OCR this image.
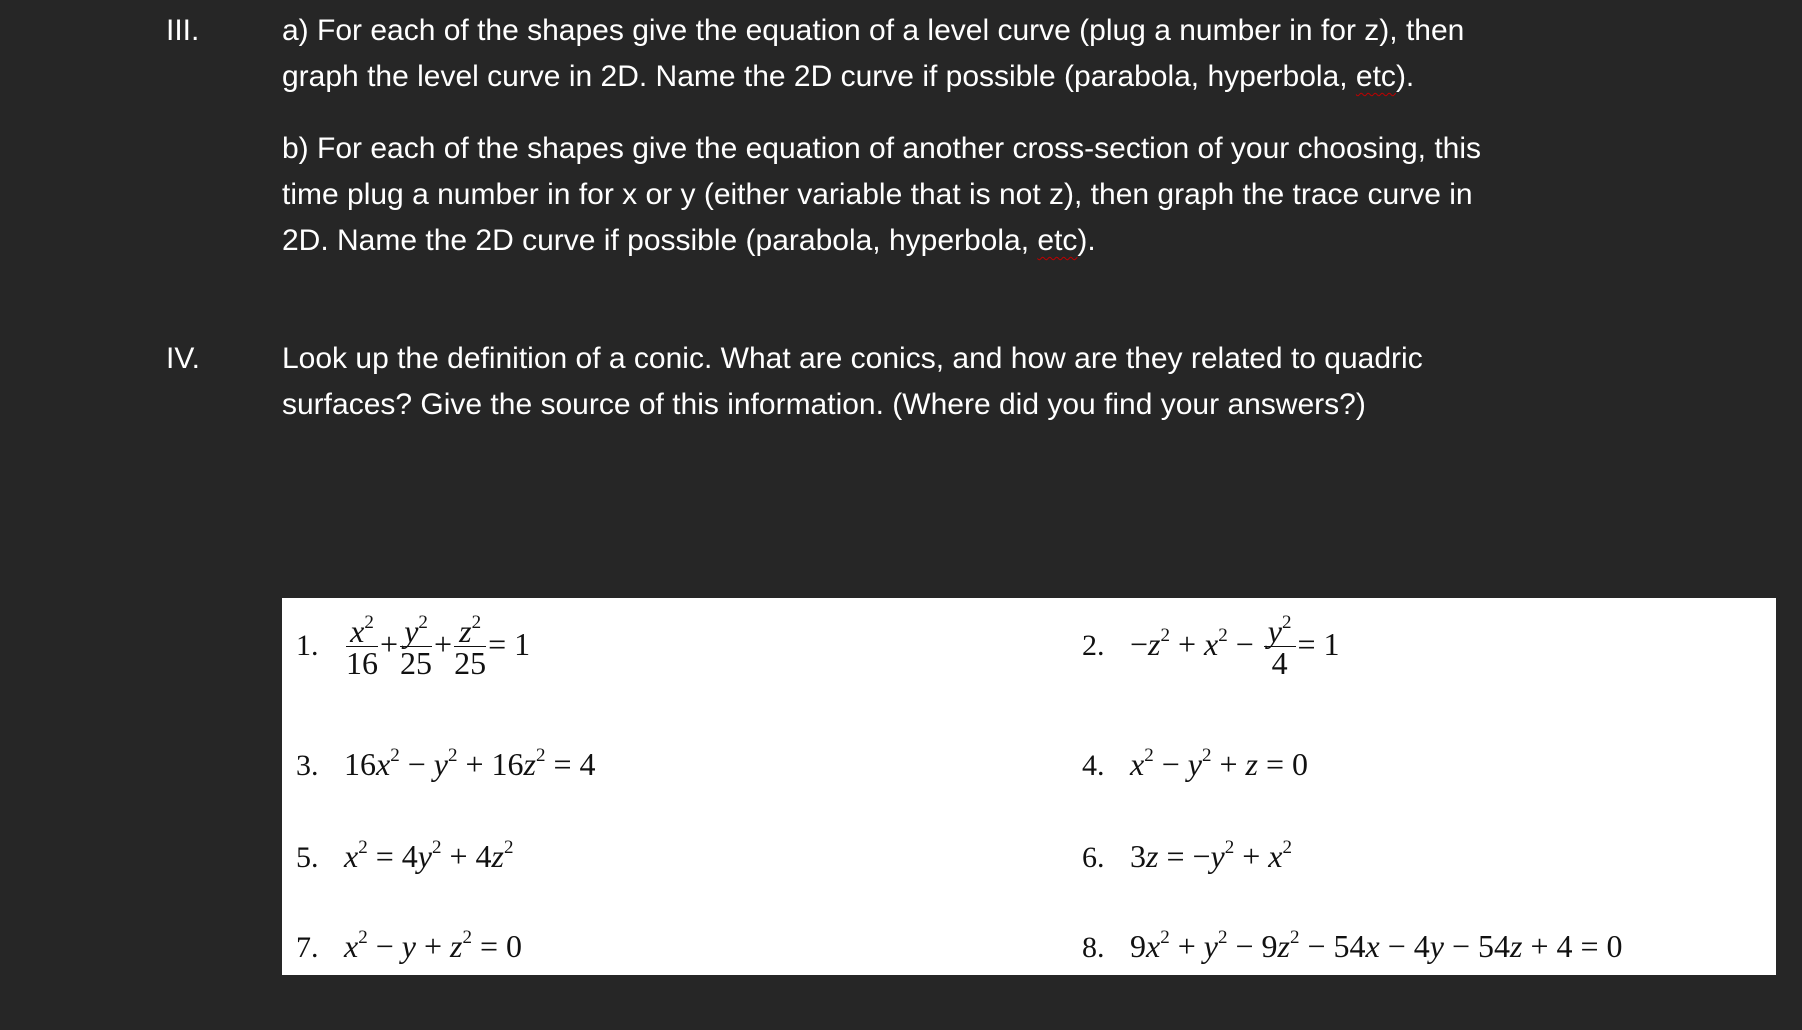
III.	a) For each of the shapes give the equation of a level curve (plug a number in for z), then
graph the level curve in 2D. Name the 2D curve if possible (parabola, hyperbola, etc).
b) For each of the shapes give the equation of another cross-section of your choosing, this
time plug a number in for x or y (either variable that is not z), then graph the trace curve in
2D. Name the 2D curve if possible (parabola, hyperbola, etc).
IV.	Look up the definition of a conic. What are conics, and how are they related to quadric
surfaces? Give the source of this information. (Where did you find your answers?)
1. $\frac{x^2}{16} + \frac{y^2}{25} + \frac{z^2}{25} = 1$	2. $-z^2 + x^2 - \frac{y^2}{4} = 1$
3. $16x^2 - y^2 + 16z^2 = 4$	4. $x^2 - y^2 + z = 0$
5. $x^2 = 4y^2 + 4z^2$	6. $3z = -y^2 + x^2$
7. $x^2 - y + z^2 = 0$	8. $9x^2 + y^2 - 9z^2 - 54x - 4y - 54z + 4 = 0$
